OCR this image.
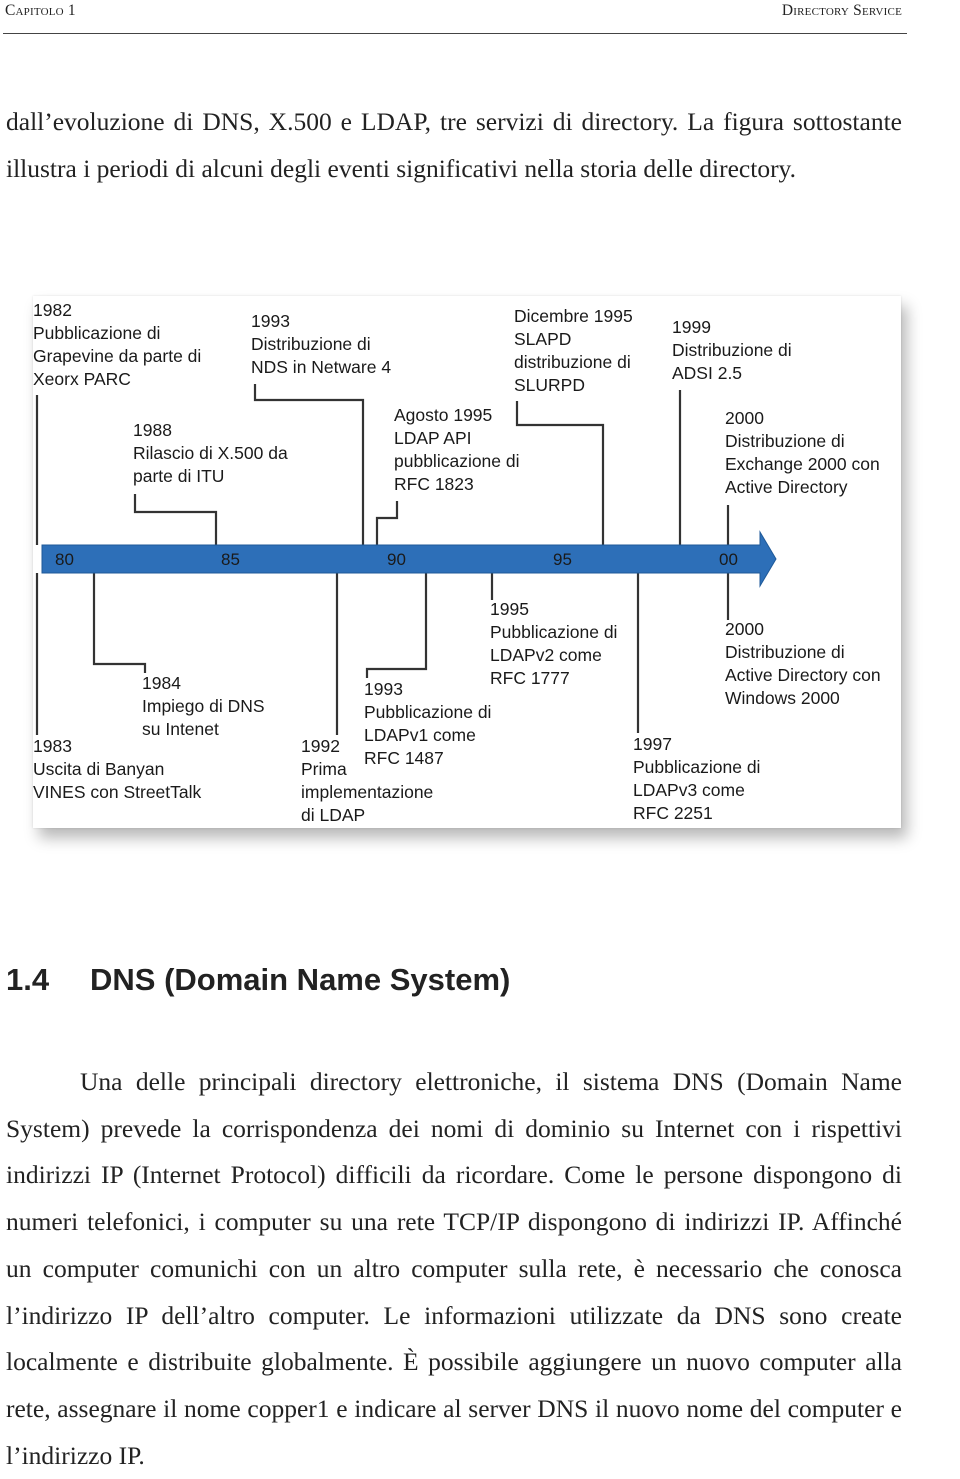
Capitolo 1	Directory Service

dall’evoluzione di DNS, X.500 e LDAP, tre servizi di directory. La figura sottostante illustra i periodi di alcuni degli eventi significativi nella storia delle directory.

80	85	90	95	00
1982 Pubblicazione di Grapevine da parte di Xeorx PARC
1988 Rilascio di X.500 da parte di ITU
1993 Distribuzione di NDS in Netware 4
Agosto 1995 LDAP API pubblicazione di RFC 1823
Dicembre 1995 SLAPD distribuzione di SLURPD
1999 Distribuzione di ADSI 2.5
2000 Distribuzione di Exchange 2000 con Active Directory
1983 Uscita di Banyan VINES con StreetTalk
1984 Impiego di DNS su Intenet
1992 Prima implementazione di LDAP
1993 Pubblicazione di LDAPv1 come RFC 1487
1995 Pubblicazione di LDAPv2 come RFC 1777
1997 Pubblicazione di LDAPv3 come RFC 2251
2000 Distribuzione di Active Directory con Windows 2000
1.4 DNS (Domain Name System)

Una delle principali directory elettroniche, il sistema DNS (Domain Name System) prevede la corrispondenza dei nomi di dominio su Internet con i rispettivi indirizzi IP (Internet Protocol) difficili da ricordare. Come le persone dispongono di numeri telefonici, i computer su una rete TCP/IP dispongono di indirizzi IP. Affinché un computer comunichi con un altro computer sulla rete, è necessario che conosca l’indirizzo IP dell’altro computer. Le informazioni utilizzate da DNS sono create localmente e distribuite globalmente. È possibile aggiungere un nuovo computer alla rete, assegnare il nome copper1 e indicare al server DNS il nuovo nome del computer e l’indirizzo IP.
